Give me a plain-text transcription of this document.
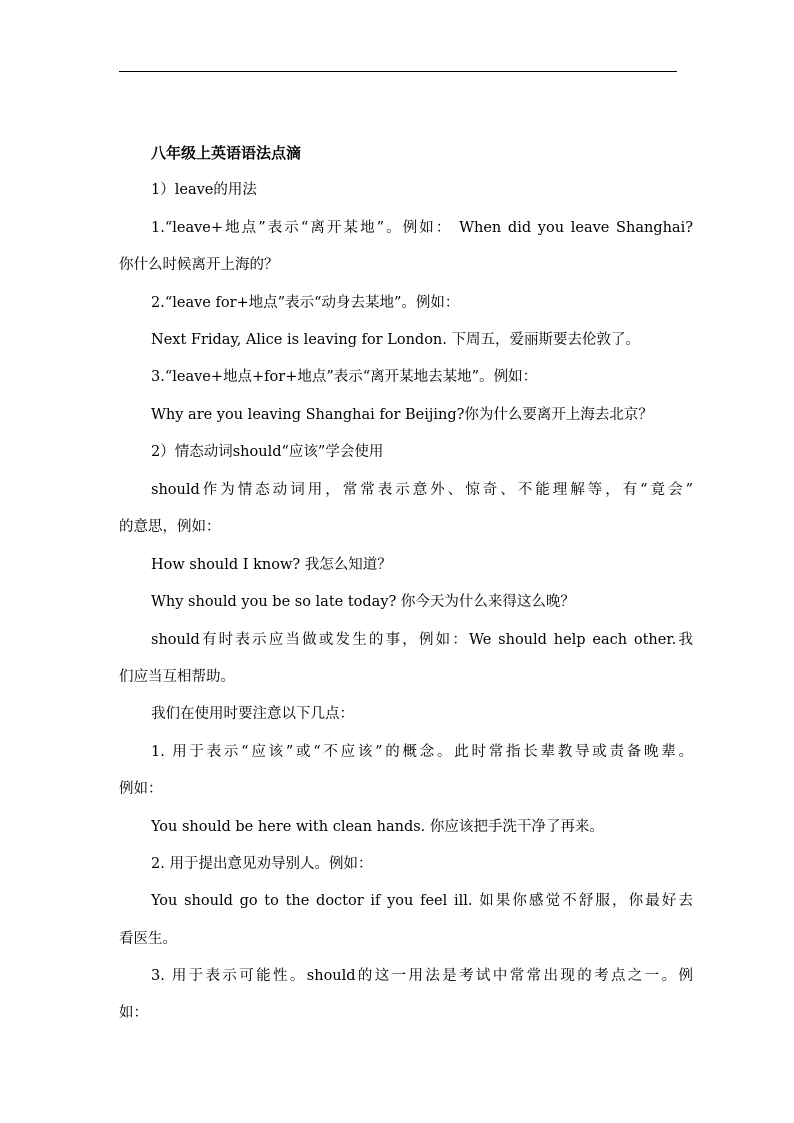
八年级上英语语法点滴
1）leave的用法
1.“leave+地点”表示“离开某地”。例如： When did you leave Shanghai?
你什么时候离开上海的？
2.“leave for+地点”表示“动身去某地”。例如：
Next Friday, Alice is leaving for London. 下周五，爱丽斯要去伦敦了。
3.“leave+地点+for+地点”表示“离开某地去某地”。例如：
Why are you leaving Shanghai for Beijing?你为什么要离开上海去北京？
2）情态动词should“应该”学会使用
should作为情态动词用，常常表示意外、惊奇、不能理解等，有“竟会”
的意思，例如：
How should I know? 我怎么知道？
Why should you be so late today? 你今天为什么来得这么晚？
should有时表示应当做或发生的事，例如：We should help each other.我
们应当互相帮助。
我们在使用时要注意以下几点：
1. 用于表示“应该”或“不应该”的概念。此时常指长辈教导或责备晚辈。
例如：
You should be here with clean hands. 你应该把手洗干净了再来。
2. 用于提出意见劝导别人。例如：
You should go to the doctor if you feel ill. 如果你感觉不舒服，你最好去
看医生。
3. 用于表示可能性。should的这一用法是考试中常常出现的考点之一。例
如：
